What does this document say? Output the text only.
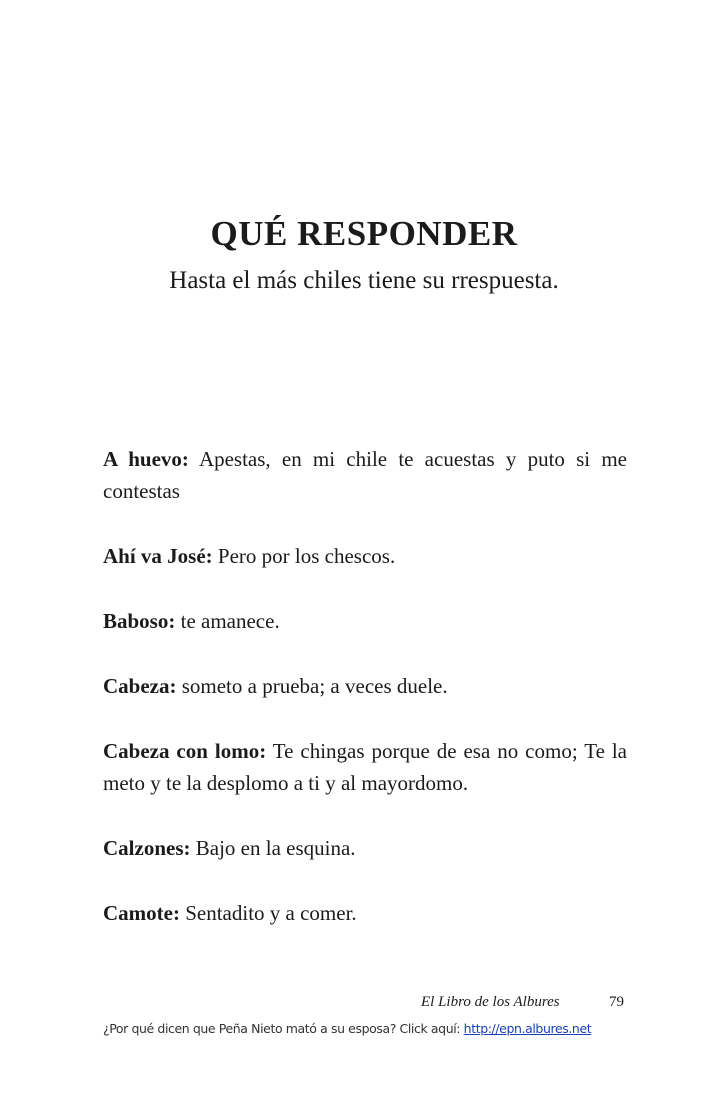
QUÉ RESPONDER

Hasta el más chiles tiene su rrespuesta.

A huevo: Apestas, en mi chile te acuestas y puto si me contestas

Ahí va José: Pero por los chescos.

Baboso: te amanece.

Cabeza: someto a prueba; a veces duele.

Cabeza con lomo: Te chingas porque de esa no como; Te la meto y te la desplomo a ti y al mayordomo.

Calzones: Bajo en la esquina.

Camote: Sentadito y a comer.

El Libro de los Albures	79
¿Por qué dicen que Peña Nieto mató a su esposa? Click aquí: http://epn.albures.net
